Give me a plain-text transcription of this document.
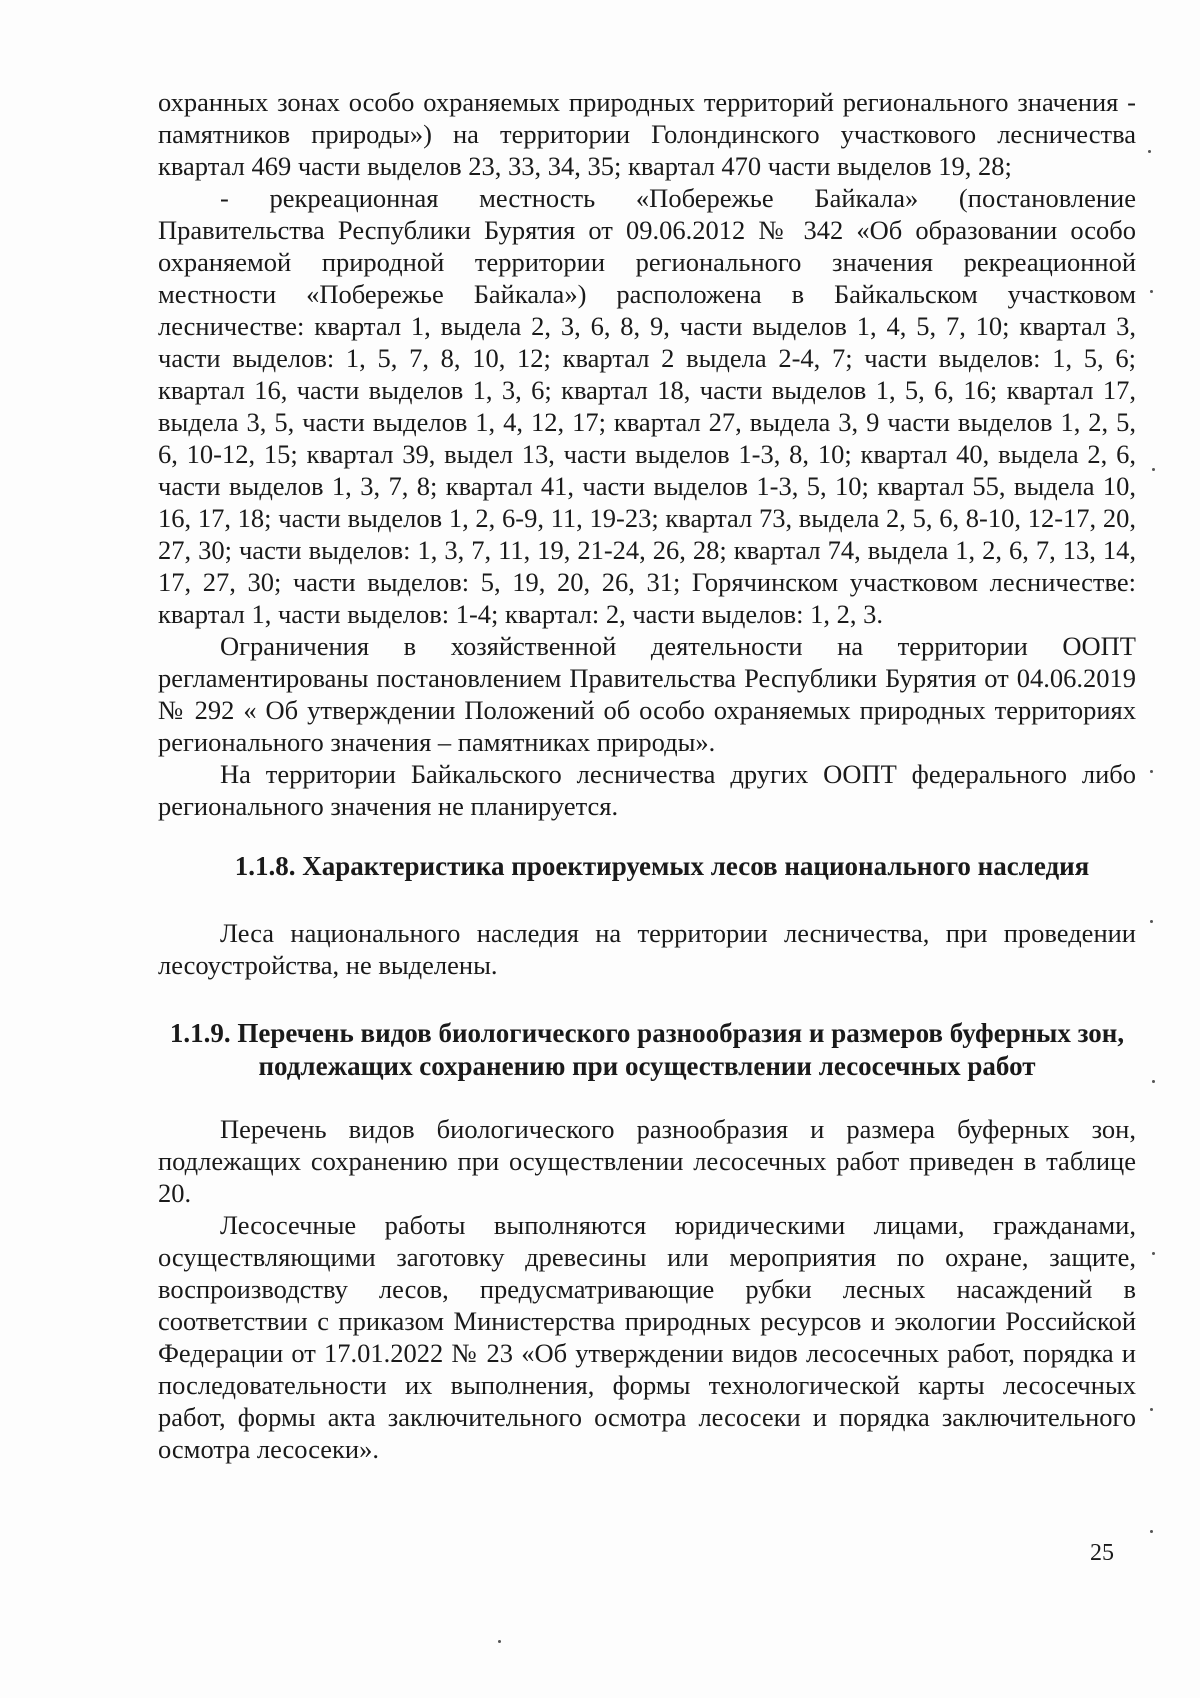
охранных зонах особо охраняемых природных территорий регионального значения - памятников природы») на территории Голондинского участкового лесничества квартал 469 части выделов 23, 33, 34, 35; квартал 470 части выделов 19, 28;

- рекреационная местность «Побережье Байкала» (постановление Правительства Республики Бурятия от 09.06.2012 № 342 «Об образовании особо охраняемой природной территории регионального значения рекреационной местности «Побережье Байкала») расположена в Байкальском участковом лесничестве: квартал 1, выдела 2, 3, 6, 8, 9, части выделов 1, 4, 5, 7, 10; квартал 3, части выделов: 1, 5, 7, 8, 10, 12; квартал 2 выдела 2-4, 7; части выделов: 1, 5, 6; квартал 16, части выделов 1, 3, 6; квартал 18, части выделов 1, 5, 6, 16; квартал 17, выдела 3, 5, части выделов 1, 4, 12, 17; квартал 27, выдела 3, 9 части выделов 1, 2, 5, 6, 10-12, 15; квартал 39, выдел 13, части выделов 1-3, 8, 10; квартал 40, выдела 2, 6, части выделов 1, 3, 7, 8; квартал 41, части выделов 1-3, 5, 10; квартал 55, выдела 10, 16, 17, 18; части выделов 1, 2, 6-9, 11, 19-23; квартал 73, выдела 2, 5, 6, 8-10, 12-17, 20, 27, 30; части выделов: 1, 3, 7, 11, 19, 21-24, 26, 28; квартал 74, выдела 1, 2, 6, 7, 13, 14, 17, 27, 30; части выделов: 5, 19, 20, 26, 31; Горячинском участковом лесничестве: квартал 1, части выделов: 1-4; квартал: 2, части выделов: 1, 2, 3.

Ограничения в хозяйственной деятельности на территории ООПТ регламентированы постановлением Правительства Республики Бурятия от 04.06.2019 № 292 « Об утверждении Положений об особо охраняемых природных территориях регионального значения – памятниках природы».

На территории Байкальского лесничества других ООПТ федерального либо регионального значения не планируется.

1.1.8. Характеристика проектируемых лесов национального наследия

Леса национального наследия на территории лесничества, при проведении лесоустройства, не выделены.

1.1.9. Перечень видов биологического разнообразия и размеров буферных зон, подлежащих сохранению при осуществлении лесосечных работ

Перечень видов биологического разнообразия и размера буферных зон, подлежащих сохранению при осуществлении лесосечных работ приведен в таблице 20.

Лесосечные работы выполняются юридическими лицами, гражданами, осуществляющими заготовку древесины или мероприятия по охране, защите, воспроизводству лесов, предусматривающие рубки лесных насаждений в соответствии с приказом Министерства природных ресурсов и экологии Российской Федерации от 17.01.2022 № 23 «Об утверждении видов лесосечных работ, порядка и последовательности их выполнения, формы технологической карты лесосечных работ, формы акта заключительного осмотра лесосеки и порядка заключительного осмотра лесосеки».

25
